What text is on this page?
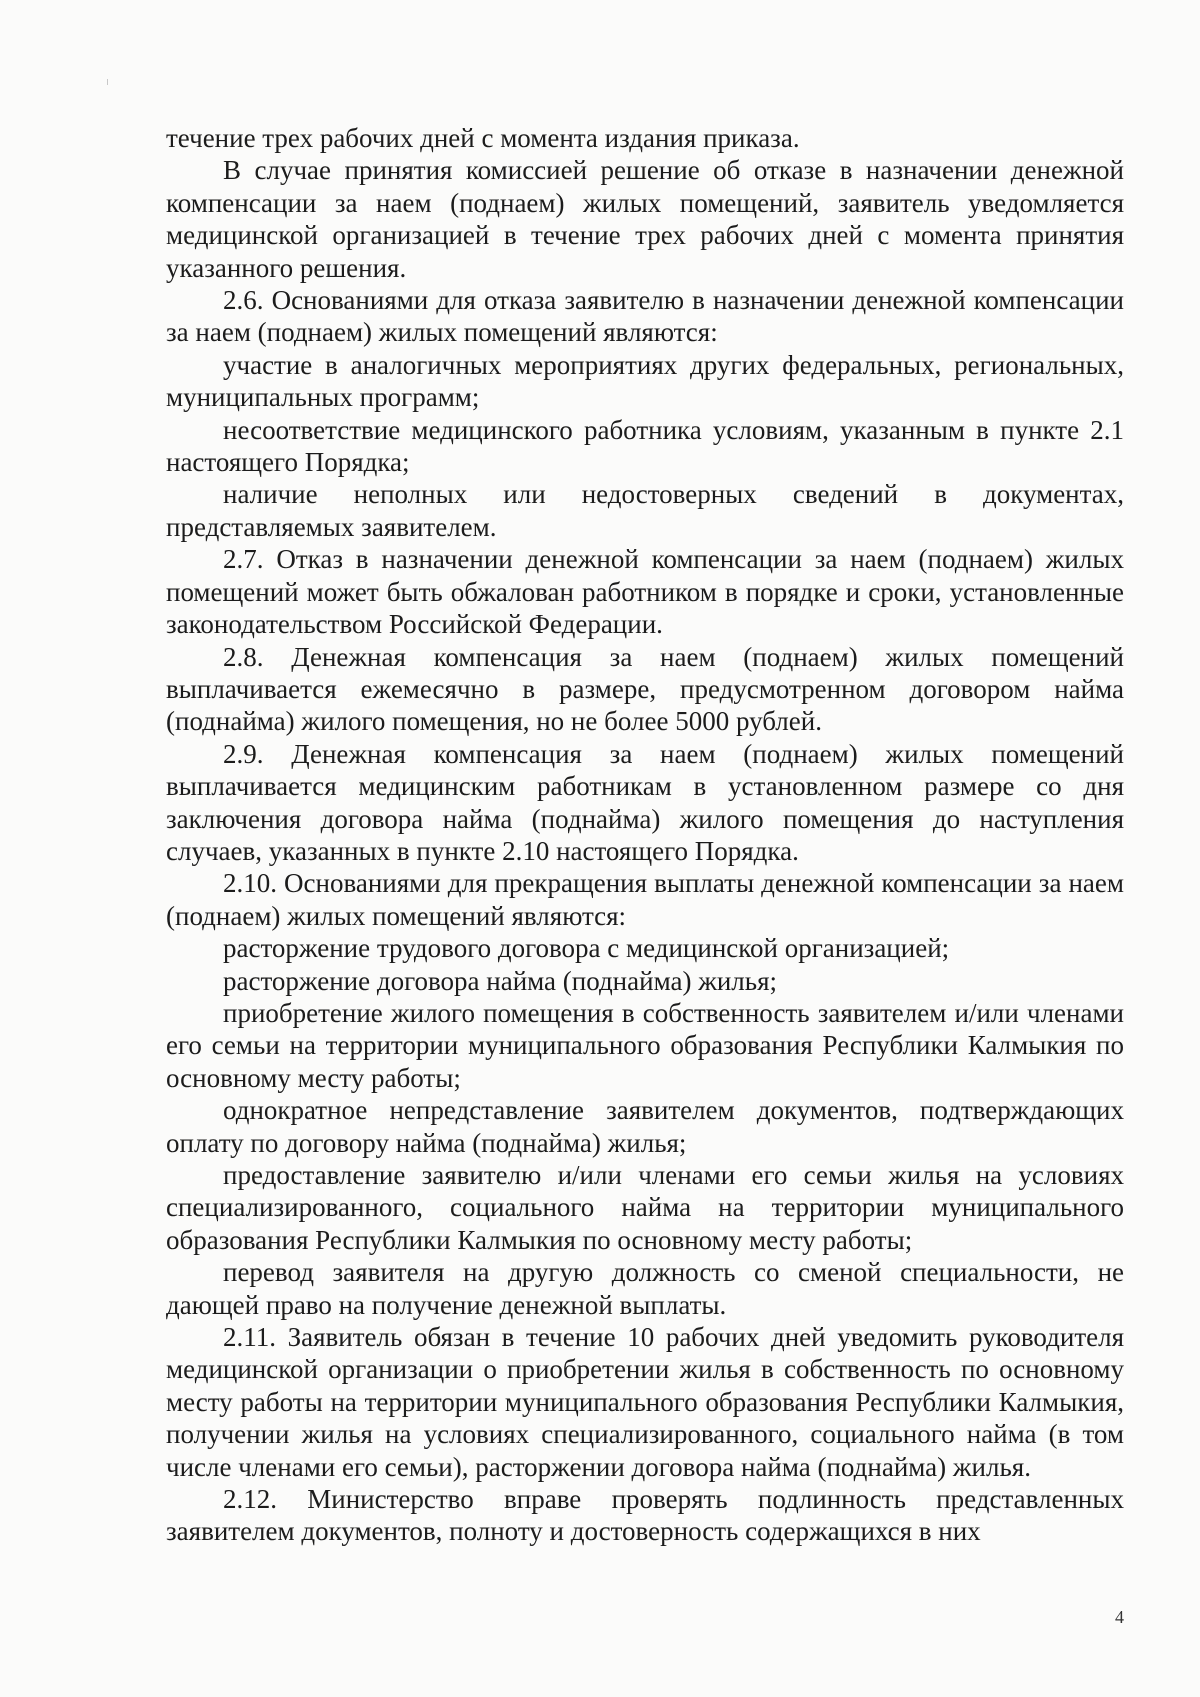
течение трех рабочих дней с момента издания приказа.

В случае принятия комиссией решение об отказе в назначении денежной компенсации за наем (поднаем) жилых помещений, заявитель уведомляется медицинской организацией в течение трех рабочих дней с момента принятия указанного решения.

2.6. Основаниями для отказа заявителю в назначении денежной компенсации за наем (поднаем) жилых помещений являются:

участие в аналогичных мероприятиях других федеральных, региональных, муниципальных программ;

несоответствие медицинского работника условиям, указанным в пункте 2.1 настоящего Порядка;

наличие неполных или недостоверных сведений в документах, представляемых заявителем.

2.7. Отказ в назначении денежной компенсации за наем (поднаем) жилых помещений может быть обжалован работником в порядке и сроки, установленные законодательством Российской Федерации.

2.8. Денежная компенсация за наем (поднаем) жилых помещений выплачивается ежемесячно в размере, предусмотренном договором найма (поднайма) жилого помещения, но не более 5000 рублей.

2.9. Денежная компенсация за наем (поднаем) жилых помещений выплачивается медицинским работникам в установленном размере со дня заключения договора найма (поднайма) жилого помещения до наступления случаев, указанных в пункте 2.10 настоящего Порядка.

2.10. Основаниями для прекращения выплаты денежной компенсации за наем (поднаем) жилых помещений являются:

расторжение трудового договора с медицинской организацией;

расторжение договора найма (поднайма) жилья;

приобретение жилого помещения в собственность заявителем и/или членами его семьи на территории муниципального образования Республики Калмыкия по основному месту работы;

однократное непредставление заявителем документов, подтверждающих оплату по договору найма (поднайма) жилья;

предоставление заявителю и/или членами его семьи жилья на условиях специализированного, социального найма на территории муниципального образования Республики Калмыкия по основному месту работы;

перевод заявителя на другую должность со сменой специальности, не дающей право на получение денежной выплаты.

2.11. Заявитель обязан в течение 10 рабочих дней уведомить руководителя медицинской организации о приобретении жилья в собственность по основному месту работы на территории муниципального образования Республики Калмыкия, получении жилья на условиях специализированного, социального найма (в том числе членами его семьи), расторжении договора найма (поднайма) жилья.

2.12. Министерство вправе проверять подлинность представленных заявителем документов, полноту и достоверность содержащихся в них

4
